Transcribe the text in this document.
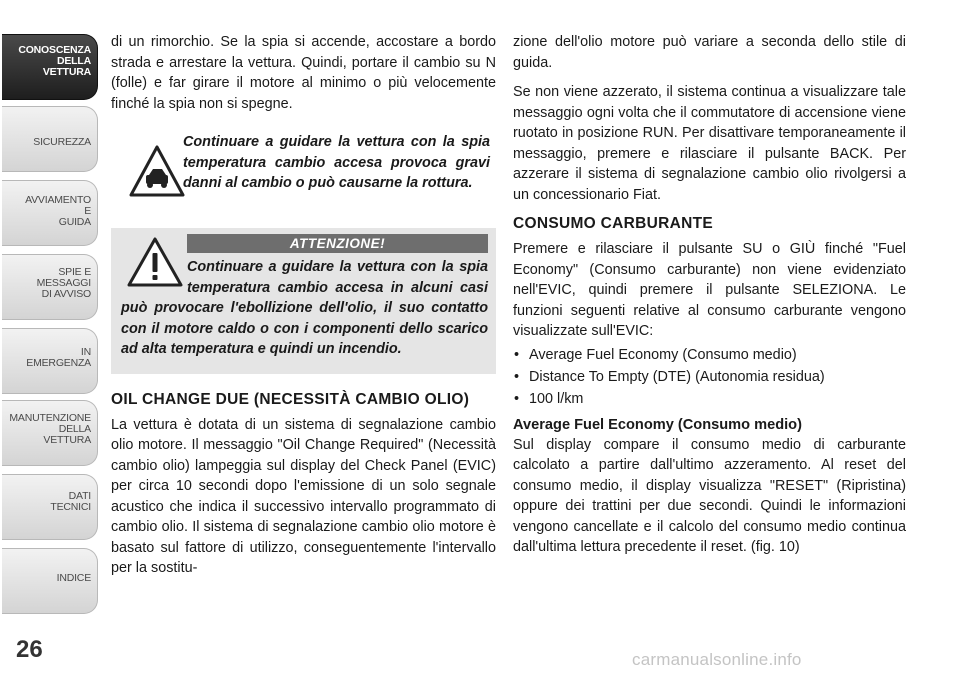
CONOSCENZA
DELLA
VETTURA
SICUREZZA
AVVIAMENTO
E
GUIDA
SPIE E
MESSAGGI
DI AVVISO
IN
EMERGENZA
MANUTENZIONE
DELLA
VETTURA
DATI
TECNICI
INDICE
26

di un rimorchio. Se la spia si accende, accostare a bordo strada e arrestare la vettura. Quindi, portare il cambio su N (folle) e far girare il motore al minimo o più velocemente finché la spia non si spegne.

Continuare a guidare la vettura con la spia temperatura cambio accesa provoca gravi danni al cambio o può causarne la rottura.
ATTENZIONE!
Continuare a guidare la vettura con la spia temperatura cambio accesa in alcuni casi può provocare l'ebollizione dell'olio, il suo contatto con il motore caldo o con i componenti dello scarico ad alta temperatura e quindi un incendio.
OIL CHANGE DUE (NECESSITÀ CAMBIO OLIO)

La vettura è dotata di un sistema di segnalazione cambio olio motore. Il messaggio "Oil Change Required" (Necessità cambio olio) lampeggia sul display del Check Panel (EVIC) per circa 10 secondi dopo l'emissione di un solo segnale acustico che indica il successivo intervallo programmato di cambio olio. Il sistema di segnalazione cambio olio motore è basato sul fattore di utilizzo, conseguentemente l'intervallo per la sostitu-

zione dell'olio motore può variare a seconda dello stile di guida.

Se non viene azzerato, il sistema continua a visualizzare tale messaggio ogni volta che il commutatore di accensione viene ruotato in posizione RUN. Per disattivare temporaneamente il messaggio, premere e rilasciare il pulsante BACK. Per azzerare il sistema di segnalazione cambio olio rivolgersi a un concessionario Fiat.

CONSUMO CARBURANTE

Premere e rilasciare il pulsante SU o GIÙ finché "Fuel Economy" (Consumo carburante) non viene evidenziato nell'EVIC, quindi premere il pulsante SELEZIONA. Le funzioni seguenti relative al consumo carburante vengono visualizzate sull'EVIC:

• Average Fuel Economy (Consumo medio)
• Distance To Empty (DTE) (Autonomia residua)
• 100 l/km
Average Fuel Economy (Consumo medio)

Sul display compare il consumo medio di carburante calcolato a partire dall'ultimo azzeramento. Al reset del consumo medio, il display visualizza "RESET" (Ripristina) oppure dei trattini per due secondi. Quindi le informazioni vengono cancellate e il calcolo del consumo medio continua dall'ultima lettura precedente il reset. (fig. 10)

carmanualsonline.info
